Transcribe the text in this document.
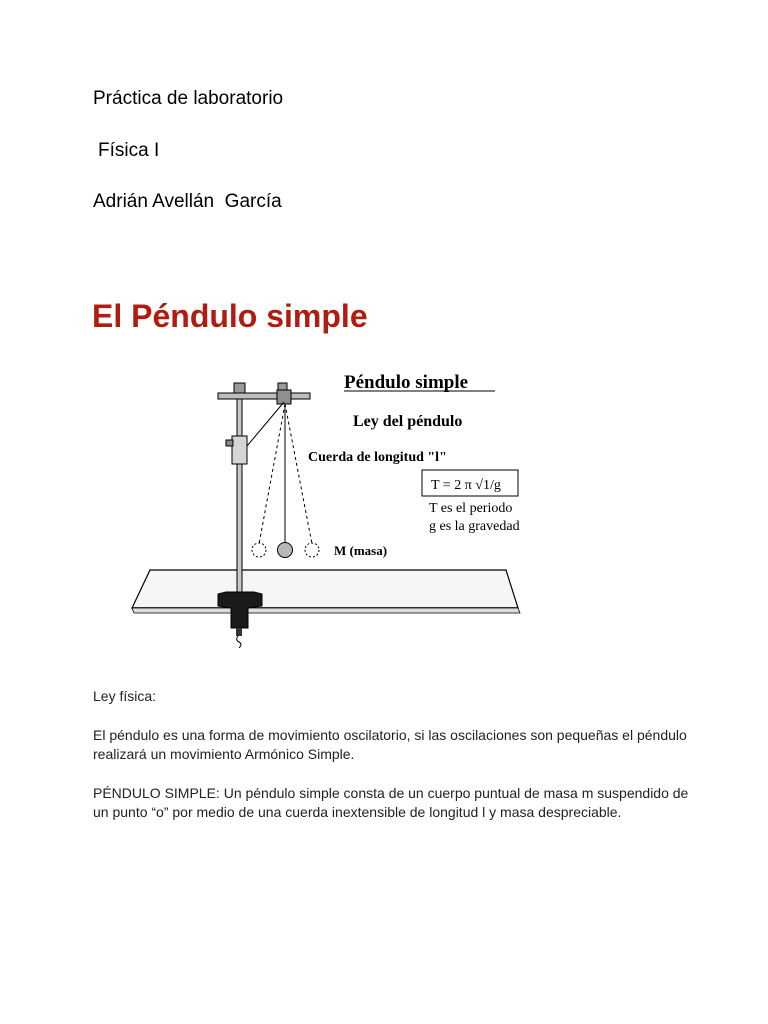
Práctica de laboratorio

Física I

Adrián Avellán  García

El Péndulo simple
Péndulo simple
Ley del péndulo
Cuerda de longitud "l"
T = 2 π √1/g
T es el periodo
g es la gravedad
M (masa)

Ley física:

El péndulo es una forma de movimiento oscilatorio, si las oscilaciones son pequeñas el péndulo realizará un movimiento Armónico Simple.

PÉNDULO SIMPLE: Un péndulo simple consta de un cuerpo puntual de masa m suspendido de un punto “o” por medio de una cuerda inextensible de longitud l y masa despreciable.
